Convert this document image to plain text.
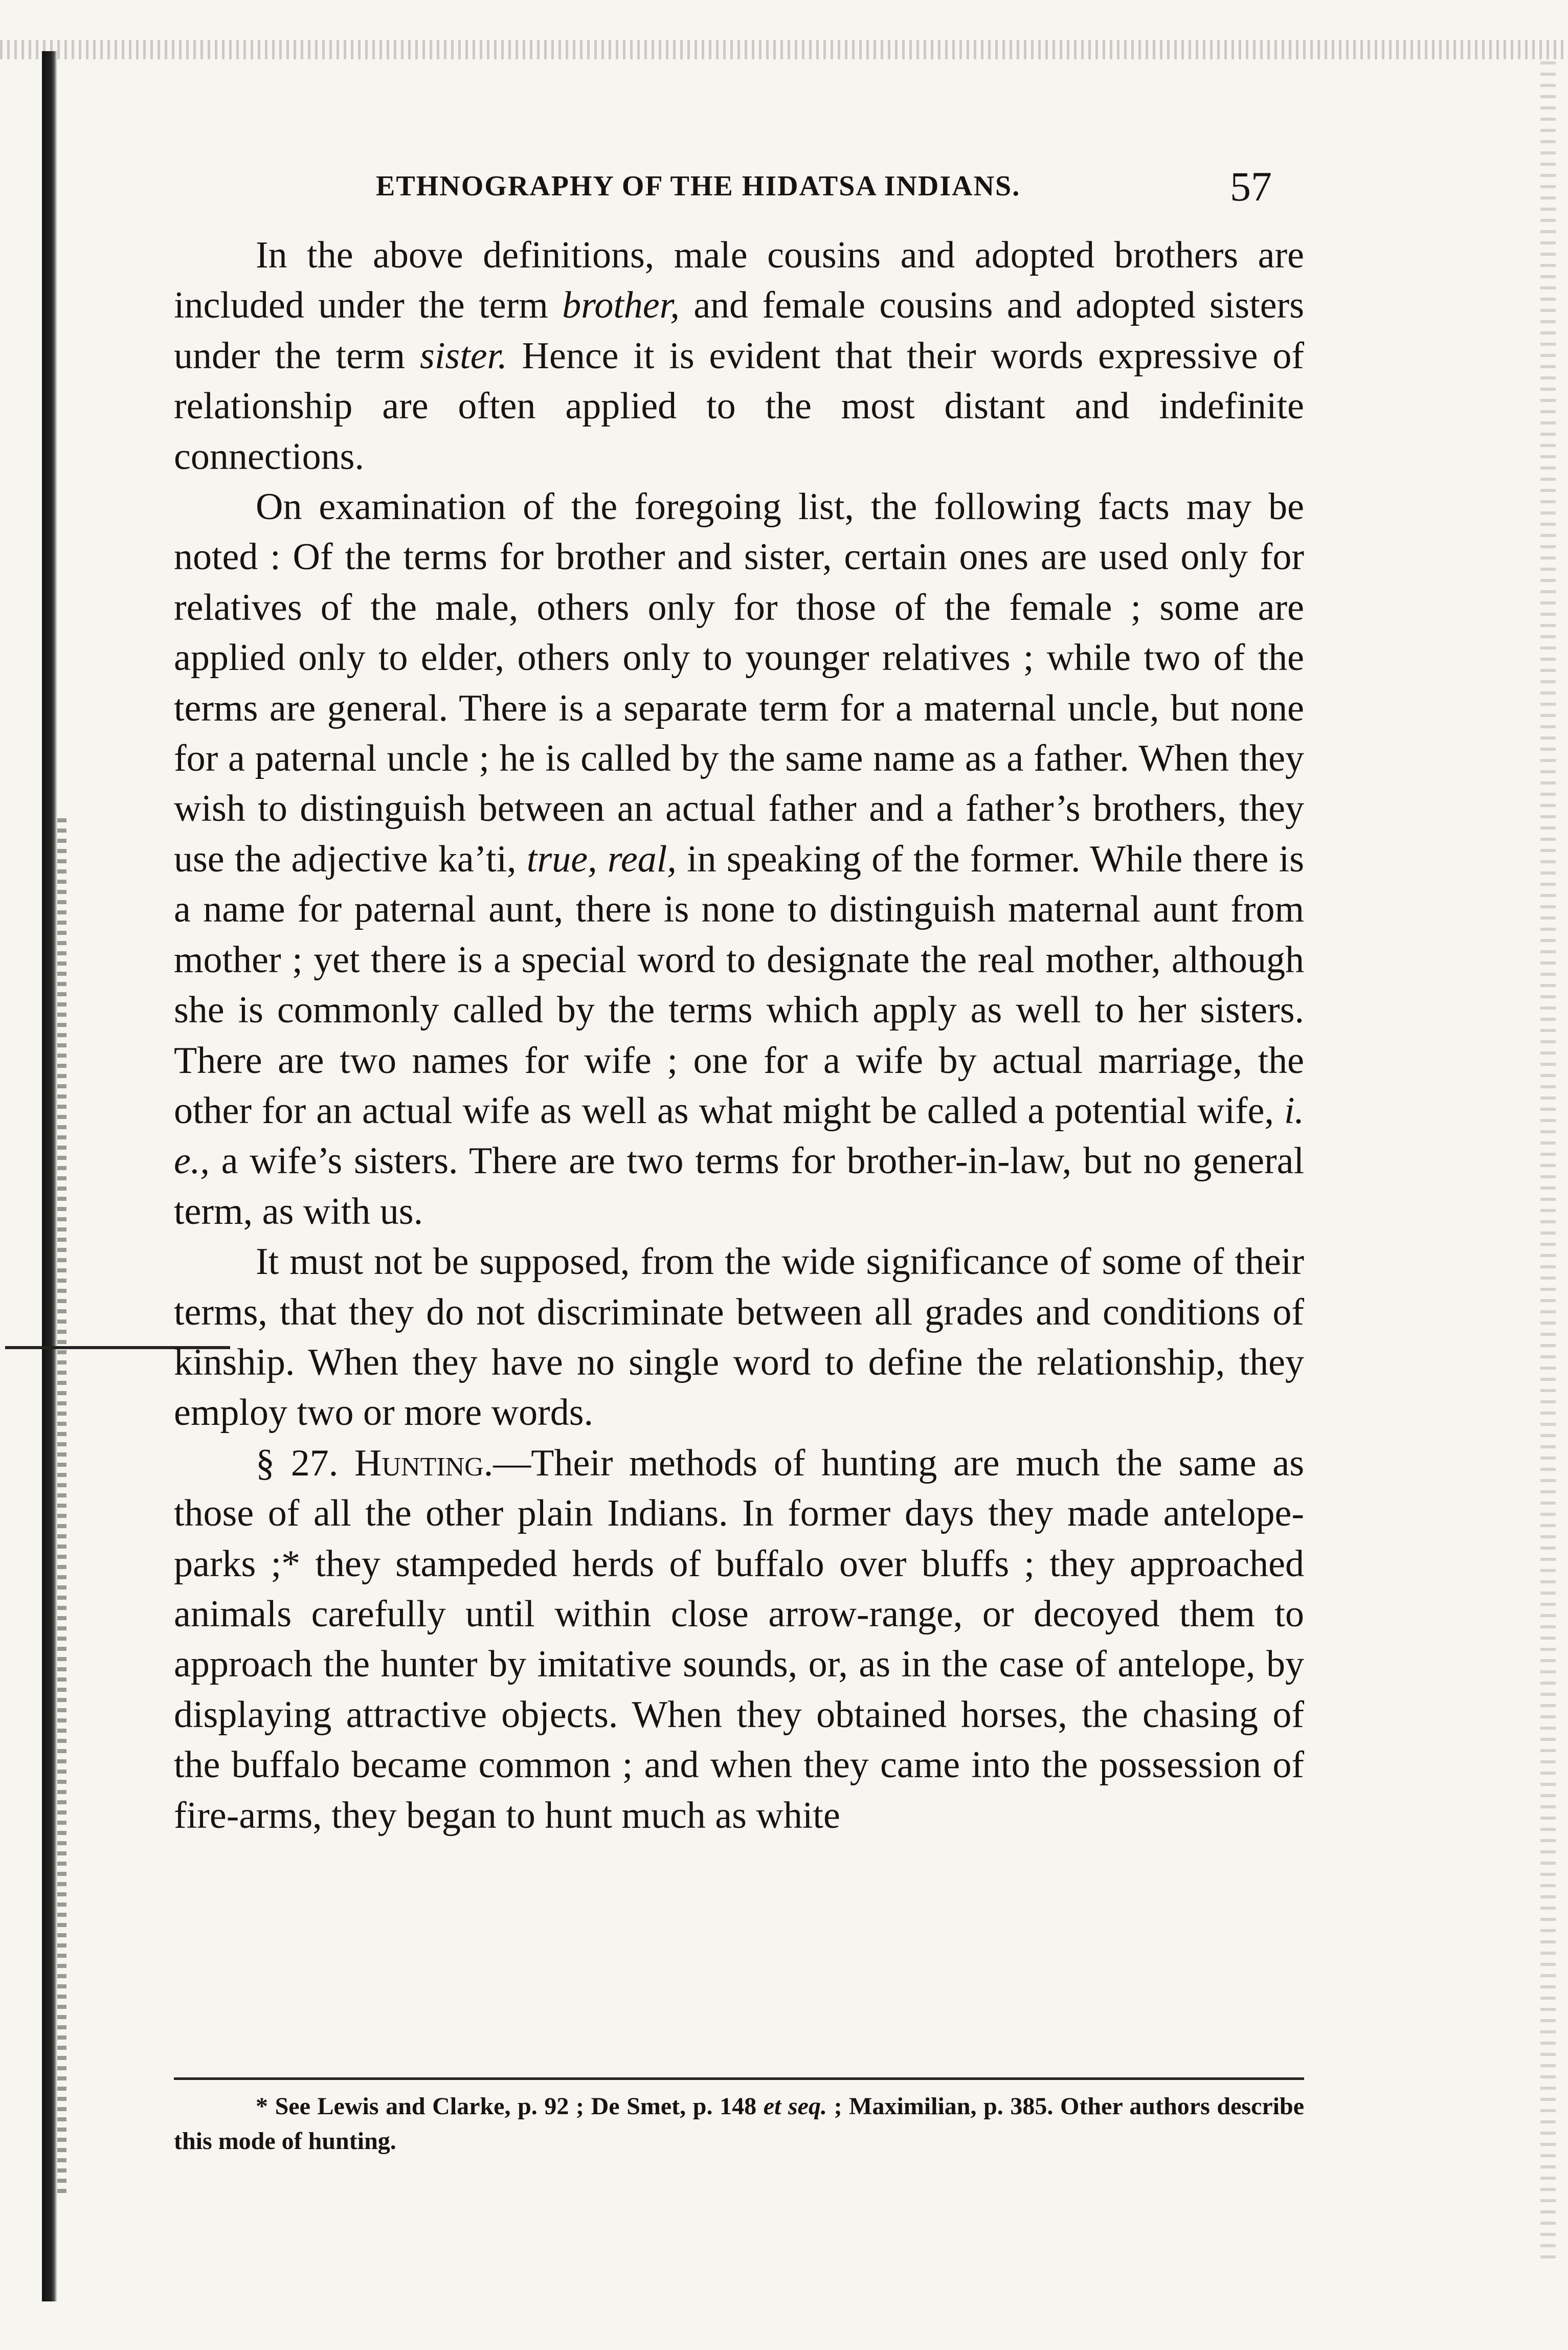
ETHNOGRAPHY OF THE HIDATSA INDIANS.	57

In the above definitions, male cousins and adopted brothers are included under the term brother, and female cousins and adopted sisters under the term sister. Hence it is evident that their words expressive of relationship are often applied to the most distant and indefinite connections.

On examination of the foregoing list, the following facts may be noted : Of the terms for brother and sister, certain ones are used only for relatives of the male, others only for those of the female ; some are applied only to elder, others only to younger relatives ; while two of the terms are general. There is a separate term for a maternal uncle, but none for a paternal uncle ; he is called by the same name as a father. When they wish to distinguish between an actual father and a father’s brothers, they use the adjective ka’ti, true, real, in speaking of the former. While there is a name for paternal aunt, there is none to distinguish maternal aunt from mother ; yet there is a special word to designate the real mother, although she is commonly called by the terms which apply as well to her sisters. There are two names for wife ; one for a wife by actual marriage, the other for an actual wife as well as what might be called a potential wife, i. e., a wife’s sisters. There are two terms for brother-in-law, but no general term, as with us.

It must not be supposed, from the wide significance of some of their terms, that they do not discriminate between all grades and conditions of kinship. When they have no single word to define the relationship, they employ two or more words.

§ 27. Hunting.—Their methods of hunting are much the same as those of all the other plain Indians. In former days they made antelope-parks ;* they stampeded herds of buffalo over bluffs ; they approached animals carefully until within close arrow-range, or decoyed them to approach the hunter by imitative sounds, or, as in the case of antelope, by displaying attractive objects. When they obtained horses, the chasing of the buffalo became common ; and when they came into the possession of fire-arms, they began to hunt much as white

* See Lewis and Clarke, p. 92 ; De Smet, p. 148 et seq. ; Maximilian, p. 385. Other authors describe this mode of hunting.
